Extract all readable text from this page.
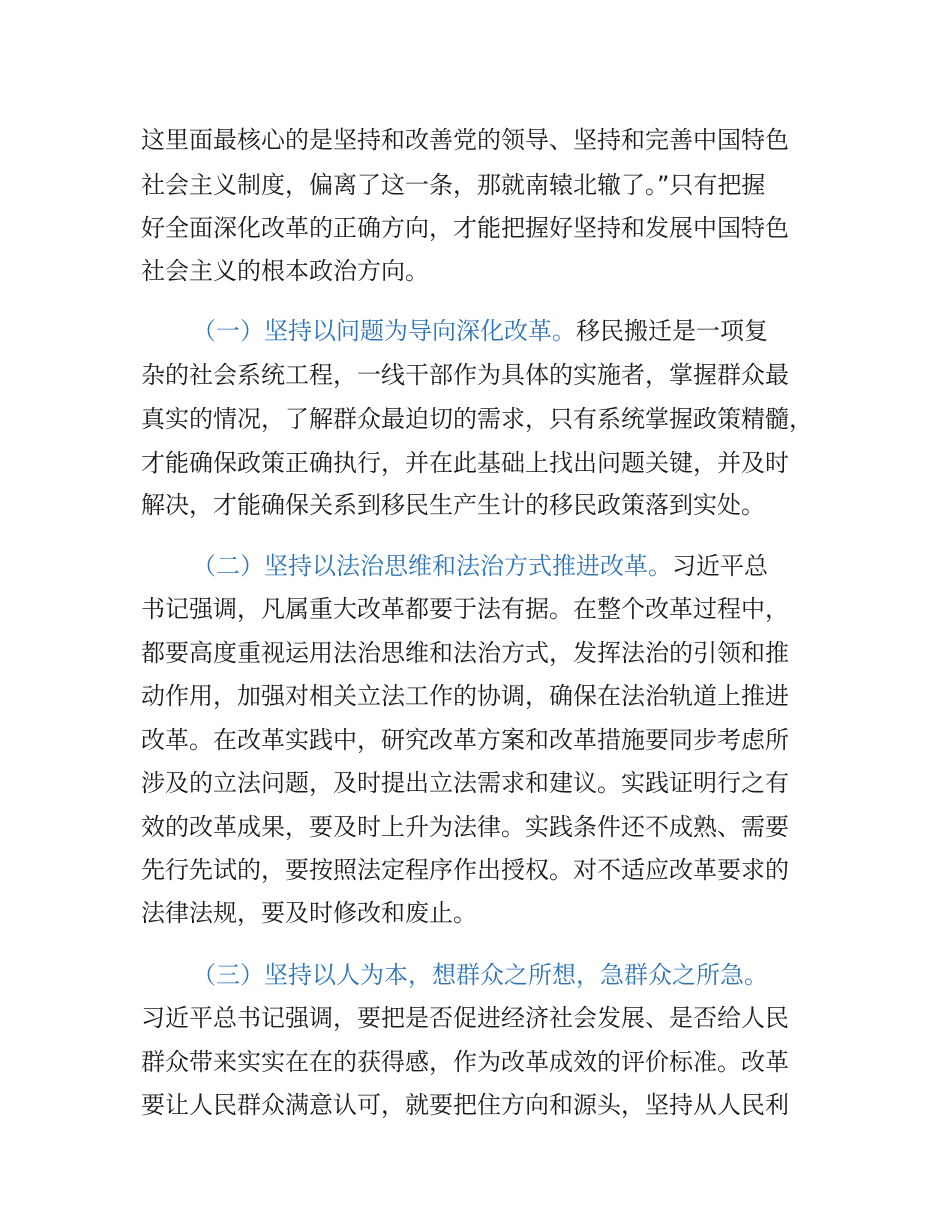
这里面最核心的是坚持和改善党的领导、坚持和完善中国特色
社会主义制度，偏离了这一条，那就南辕北辙了。”只有把握
好全面深化改革的正确方向，才能把握好坚持和发展中国特色
社会主义的根本政治方向。
（一）坚持以问题为导向深化改革。移民搬迁是一项复
杂的社会系统工程，一线干部作为具体的实施者，掌握群众最
真实的情况，了解群众最迫切的需求，只有系统掌握政策精髓，
才能确保政策正确执行，并在此基础上找出问题关键，并及时
解决，才能确保关系到移民生产生计的移民政策落到实处。
（二）坚持以法治思维和法治方式推进改革。习近平总
书记强调，凡属重大改革都要于法有据。在整个改革过程中，
都要高度重视运用法治思维和法治方式，发挥法治的引领和推
动作用，加强对相关立法工作的协调，确保在法治轨道上推进
改革。在改革实践中，研究改革方案和改革措施要同步考虑所
涉及的立法问题，及时提出立法需求和建议。实践证明行之有
效的改革成果，要及时上升为法律。实践条件还不成熟、需要
先行先试的，要按照法定程序作出授权。对不适应改革要求的
法律法规，要及时修改和废止。
（三）坚持以人为本，想群众之所想，急群众之所急。
习近平总书记强调，要把是否促进经济社会发展、是否给人民
群众带来实实在在的获得感，作为改革成效的评价标准。改革
要让人民群众满意认可，就要把住方向和源头，坚持从人民利
